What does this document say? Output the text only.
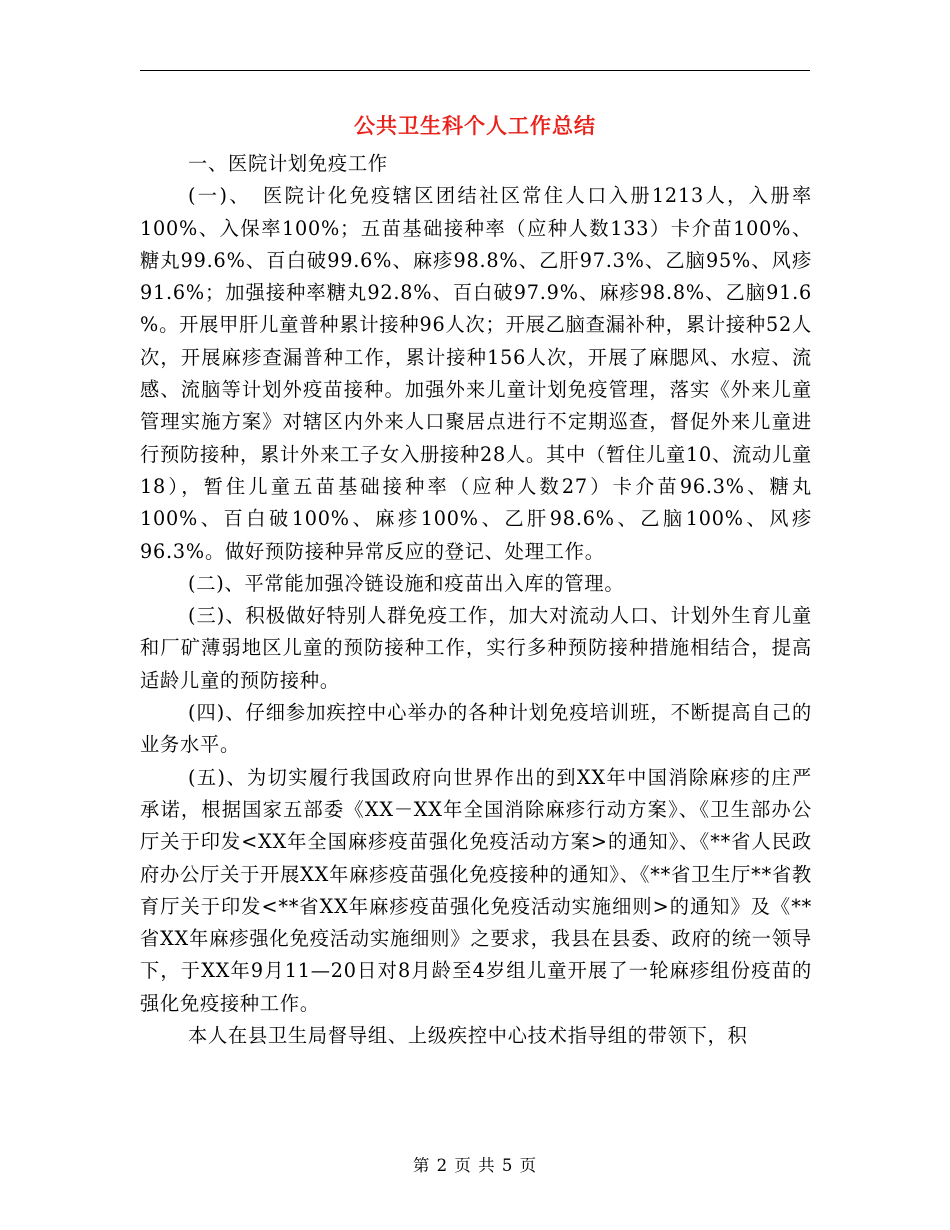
公共卫生科个人工作总结

一、医院计划免疫工作

(一)、　医院计化免疫辖区团结社区常住人口入册1213人，入册率100%、入保率100%；五苗基础接种率（应种人数133）卡介苗100%、糖丸99.6%、百白破99.6%、麻疹98.8%、乙肝97.3%、乙脑95%、风疹91.6%；加强接种率糖丸92.8%、百白破97.9%、麻疹98.8%、乙脑91.6 %。开展甲肝儿童普种累计接种96人次；开展乙脑查漏补种，累计接种52人次，开展麻疹查漏普种工作，累计接种156人次，开展了麻腮风、水痘、流感、流脑等计划外疫苗接种。加强外来儿童计划免疫管理，落实《外来儿童管理实施方案》对辖区内外来人口聚居点进行不定期巡查，督促外来儿童进行预防接种，累计外来工子女入册接种28人。其中（暂住儿童10、流动儿童18），暂住儿童五苗基础接种率（应种人数27）卡介苗96.3%、糖丸100%、百白破100%、麻疹100%、乙肝98.6%、乙脑100%、风疹96.3%。做好预防接种异常反应的登记、处理工作。

(二)、平常能加强冷链设施和疫苗出入库的管理。

(三)、积极做好特别人群免疫工作，加大对流动人口、计划外生育儿童和厂矿薄弱地区儿童的预防接种工作，实行多种预防接种措施相结合，提高适龄儿童的预防接种。

(四)、仔细参加疾控中心举办的各种计划免疫培训班，不断提高自己的业务水平。

(五)、为切实履行我国政府向世界作出的到XX年中国消除麻疹的庄严承诺，根据国家五部委《XX－XX年全国消除麻疹行动方案》、《卫生部办公厅关于印发<XX年全国麻疹疫苗强化免疫活动方案>的通知》、《**省人民政府办公厅关于开展XX年麻疹疫苗强化免疫接种的通知》、《**省卫生厅**省教育厅关于印发<**省XX年麻疹疫苗强化免疫活动实施细则>的通知》及《**省XX年麻疹强化免疫活动实施细则》之要求，我县在县委、政府的统一领导下，于XX年9月11—20日对8月龄至4岁组儿童开展了一轮麻疹组份疫苗的强化免疫接种工作。

本人在县卫生局督导组、上级疾控中心技术指导组的带领下，积

第 2 页 共 5 页
